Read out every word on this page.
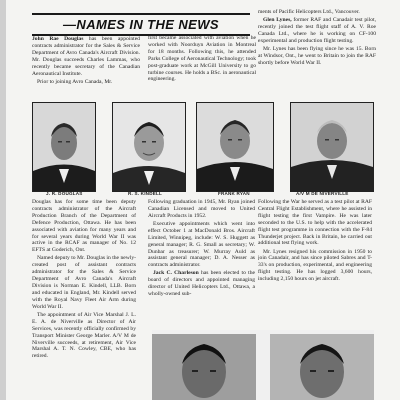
—NAMES IN THE NEWS

John Rae Douglas has been appointed contracts administrator for the Sales & Service Department of Avro Canada's Aircraft Division. Mr. Douglas succeeds Charles Lammas, who recently became secretary of the Canadian Aeronautical Institute.

Prior to joining Avro Canada, Mr.

first became associated with aviation when he worked with Noorduyn Aviation in Montreal for 18 months. Following this, he attended Parks College of Aeronautical Technology; took post-graduate work at McGill University to go turbine courses. He holds a BSc. in aeronautical engineering.

ments of Pacific Helicopters Ltd., Vancouver.

Glen Lynes, former RAF and Canadair test pilot, recently joined the test flight staff of A. V. Roe Canada Ltd., where he is working on CF-100 experimental and production flight testing.

Mr. Lynes has been flying since he was 15. Born at Windsor, Ont., he went to Britain to join the RAF shortly before World War II.

J. R. DOUGLAS	R. S. KINDELL	FRANK RYAN	A/V M DE NIVERVILLE

Douglas has for some time been deputy contracts administrator of the Aircraft Production Branch of the Department of Defence Production, Ottawa. He has been associated with aviation for many years and for several years during World War II was active in the RCAF as manager of No. 12 EFTS at Goderich, Ont.

Named deputy to Mr. Douglas in the newly-created post of assistant contracts administrator for the Sales & Service Department of Avro Canada's Aircraft Division is Norman E. Kindell, LLB. Born and educated in England, Mr. Kindell served with the Royal Navy Fleet Air Arm during World War II.

The appointment of Air Vice Marshal J. L. E. A. de Niverville as Director of Air Services, was recently officially confirmed by Transport Minister George Marler. A/V M de Niverville succeeds, at retirement, Air Vice Marshal A. T. N. Cowley, CBE, who has retired.

Following graduation in 1945, Mr. Ryan joined Canadian Licensed and moved to United Aircraft Products in 1952.

Executive appointments which went into effect October 1 at MacDonald Bros. Aircraft Limited, Winnipeg, include: W. S. Huggett as general manager; R. G. Small as secretary; W. Dunbar as treasurer; W. Murray Auld as assistant general manager; D. A. Nesser as contracts administrator.

Jack C. Charleson has been elected to the board of directors and appointed managing director of United Helicopters Ltd., Ottawa, a wholly-owned sub-

Following the War he served as a test pilot at RAF Central Flight Establishment, where he assisted in flight testing the first Vampire. He was later seconded to the U.S. to help with the accelerated flight test programme in connection with the F-84 Thunderjet project. Back in Britain, he carried out additional test flying work.

Mr. Lynes resigned his commission in 1950 to join Canadair, and has since piloted Sabres and T-33's on production, experimental, and engineering flight testing. He has logged 3,600 hours, including 2,150 hours on jet aircraft.
